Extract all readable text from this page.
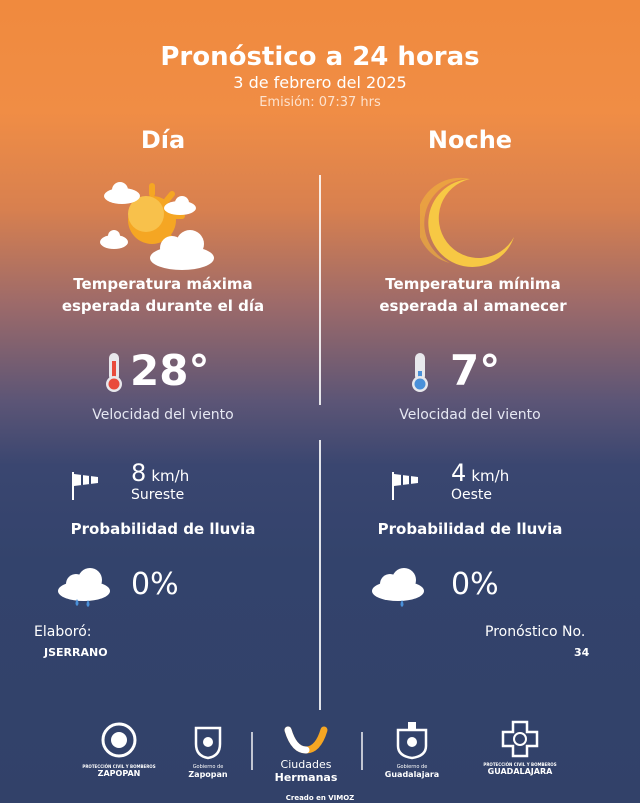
Pronóstico a 24 horas
3 de febrero del 2025
Emisión: 07:37 hrs
Día	Noche
Temperatura máxima
esperada durante el día
Temperatura mínima
esperada al amanecer
28°	7°
Velocidad del viento	Velocidad del viento
8 km/h
Sureste
4 km/h
Oeste
Probabilidad de lluvia	Probabilidad de lluvia
0%	0%
Elaboró:
JSERRANO
Pronóstico No.
34
PROTECCIÓN CIVIL Y BOMBEROS
ZAPOPAN
Gobierno de
Zapopan
Ciudades
Hermanas
Gobierno de
Guadalajara
PROTECCIÓN CIVIL Y BOMBEROS
GUADALAJARA
Creado en VIMOZ
